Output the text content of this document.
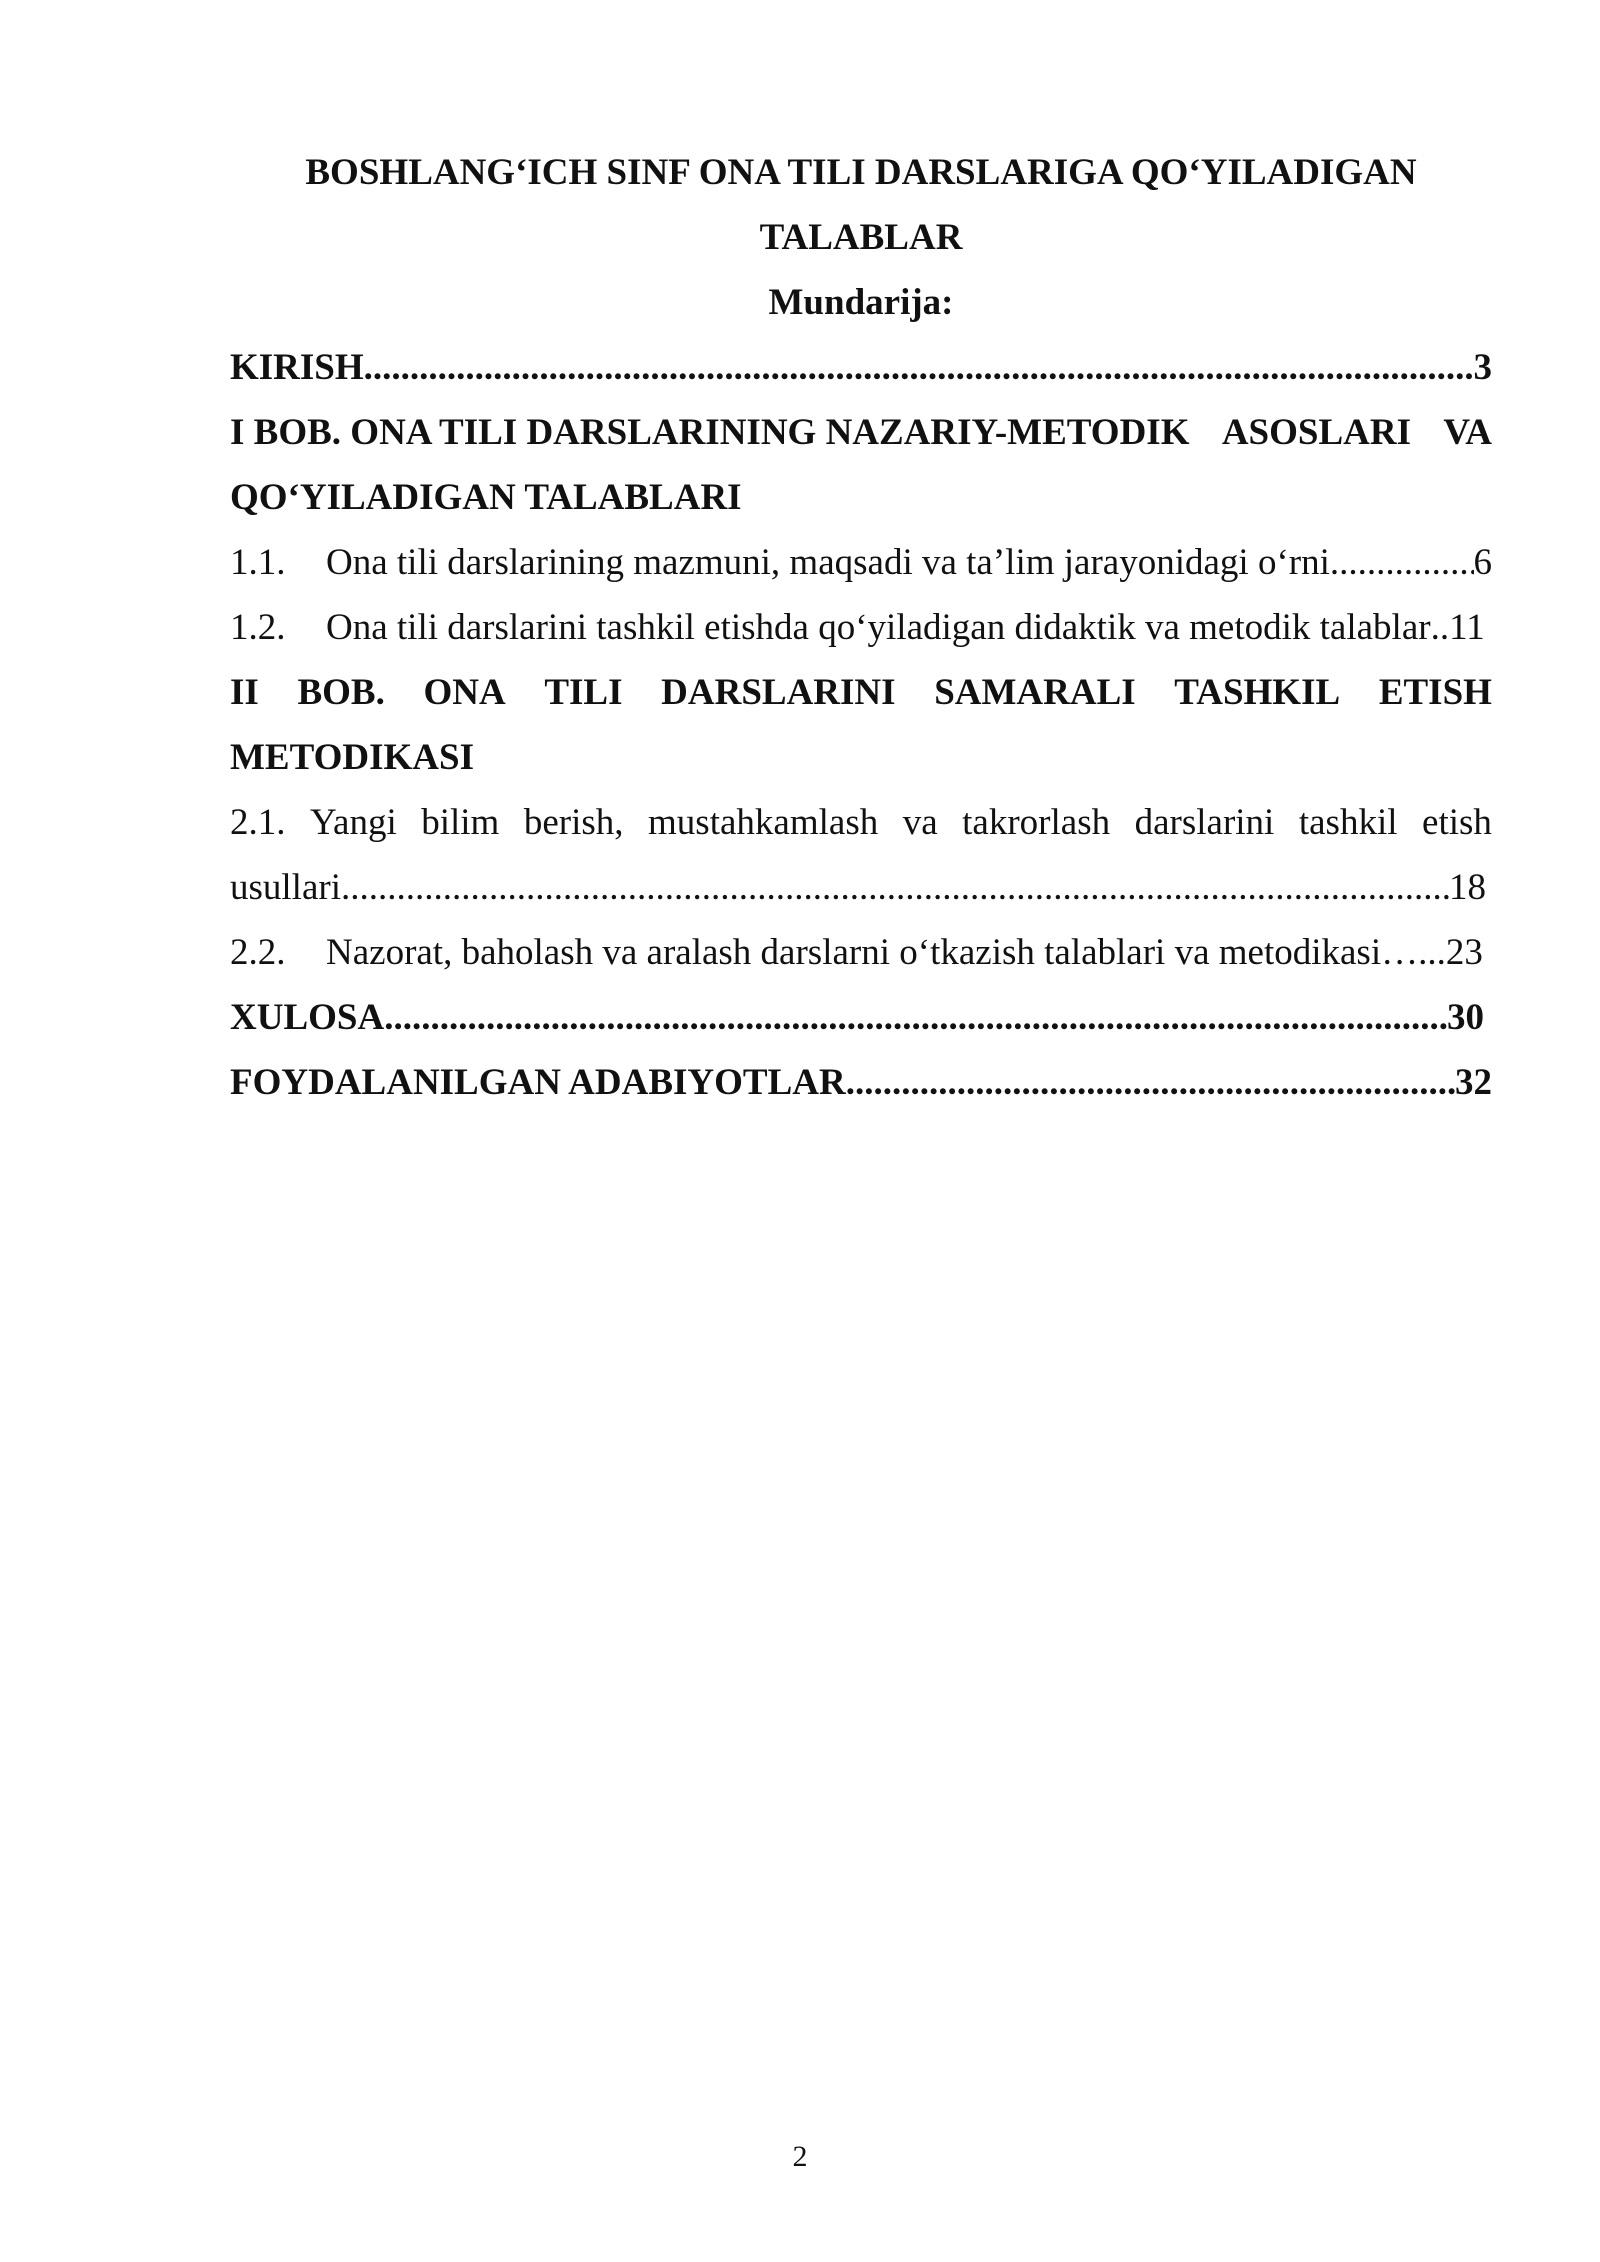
BOSHLANG‘ICH SINF ONA TILI DARSLARIGA QO‘YILADIGAN

TALABLAR

Mundarija:

KIRISH .....	3
I BOB. ONA TILI DARSLARINING NAZARIY-METODIK ASOSLARI VA
QO‘YILADIGAN TALABLARI
1.1.	Ona tili darslarining mazmuni, maqsadi va ta’lim jarayonidagi o‘rni .....	6
1.2.	Ona tili darslarini tashkil etishda qo‘yiladigan didaktik va metodik talablar .. 11
II BOB. ONA TILI DARSLARINI SAMARALI TASHKIL ETISH
METODIKASI
2.1. Yangi bilim berish, mustahkamlash va takrorlash darslarini tashkil etish
usullari .....	18
2.2.	Nazorat, baholash va aralash darslarni o‘tkazish talablari va metodikasi …... 23
XULOSA .....	30
FOYDALANILGAN ADABIYOTLAR .....	32
2
